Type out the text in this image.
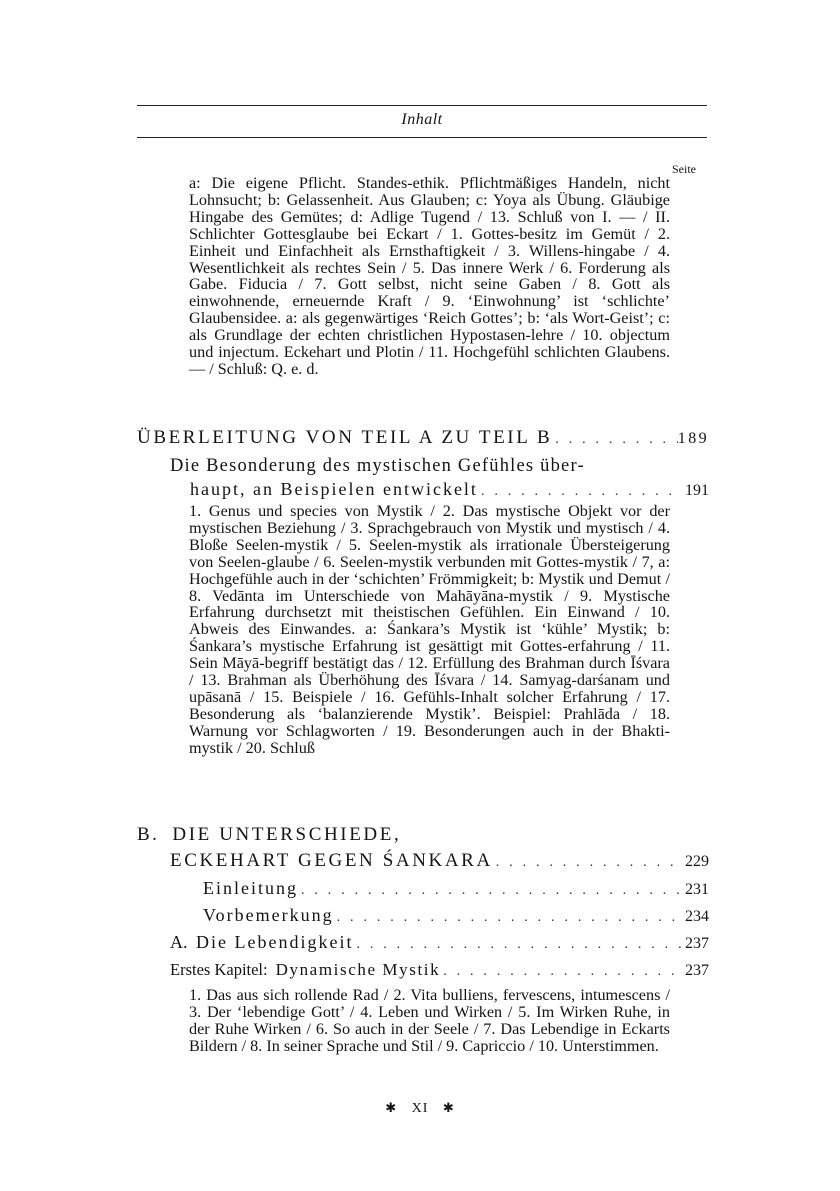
Inhalt
Seite

a: Die eigene Pflicht. Standes-ethik. Pflichtmäßiges Handeln, nicht Lohnsucht; b: Gelassenheit. Aus Glauben; c: Yoya als Übung. Gläubige Hingabe des Gemütes; d: Adlige Tugend / 13. Schluß von I. — / II. Schlichter Gottesglaube bei Eckart / 1. Gottes-besitz im Gemüt / 2. Einheit und Einfachheit als Ernsthaftigkeit / 3. Willens-hingabe / 4. Wesentlichkeit als rechtes Sein / 5. Das innere Werk / 6. Forderung als Gabe. Fiducia / 7. Gott selbst, nicht seine Gaben / 8. Gott als einwohnende, erneuernde Kraft / 9. ‘Einwohnung’ ist ‘schlichte’ Glaubensidee. a: als gegenwärtiges ‘Reich Gottes’; b: ‘als Wort-Geist’; c: als Grundlage der echten christlichen Hypostasen-lehre / 10. objectum und injectum. Eckehart und Plotin / 11. Hochgefühl schlichten Glaubens. — / Schluß: Q. e. d.

ÜBERLEITUNG VON TEIL A ZU TEIL B . . .	189
Die Besonderung des mystischen Gefühles über-
haupt, an Beispielen entwickelt . . .	191

1. Genus und species von Mystik / 2. Das mystische Objekt vor der mystischen Beziehung / 3. Sprachgebrauch von Mystik und mystisch / 4. Bloße Seelen-mystik / 5. Seelen-mystik als irrationale Übersteigerung von Seelen-glaube / 6. Seelen-mystik verbunden mit Gottes-mystik / 7, a: Hochgefühle auch in der ‘schichten’ Frömmigkeit; b: Mystik und Demut / 8. Vedānta im Unterschiede von Mahāyāna-mystik / 9. Mystische Erfahrung durchsetzt mit theistischen Gefühlen. Ein Einwand / 10. Abweis des Einwandes. a: Śankara’s Mystik ist ‘kühle’ Mystik; b: Śankara’s mystische Erfahrung ist gesättigt mit Gottes-erfahrung / 11. Sein Māyā-begriff bestätigt das / 12. Erfüllung des Brahman durch Īśvara / 13. Brahman als Überhöhung des Īśvara / 14. Samyag-darśanam und upāsanā / 15. Beispiele / 16. Gefühls-Inhalt solcher Erfahrung / 17. Besonderung als ‘balanzierende Mystik’. Beispiel: Prahlāda / 18. Warnung vor Schlagworten / 19. Besonderungen auch in der Bhakti-mystik / 20. Schluß

B. DIE UNTERSCHIEDE,
ECKEHART GEGEN ŚANKARA . . .	229
Einleitung . . .	231
Vorbemerkung . . .	234
A. Die Lebendigkeit . . .	237
Erstes Kapitel: Dynamische Mystik . . .	237

1. Das aus sich rollende Rad / 2. Vita bulliens, fervescens, intumescens / 3. Der ‘lebendige Gott’ / 4. Leben und Wirken / 5. Im Wirken Ruhe, in der Ruhe Wirken / 6. So auch in der Seele / 7. Das Lebendige in Eckarts Bildern / 8. In seiner Sprache und Stil / 9. Capriccio / 10. Unterstimmen.

✱ XI ✱
